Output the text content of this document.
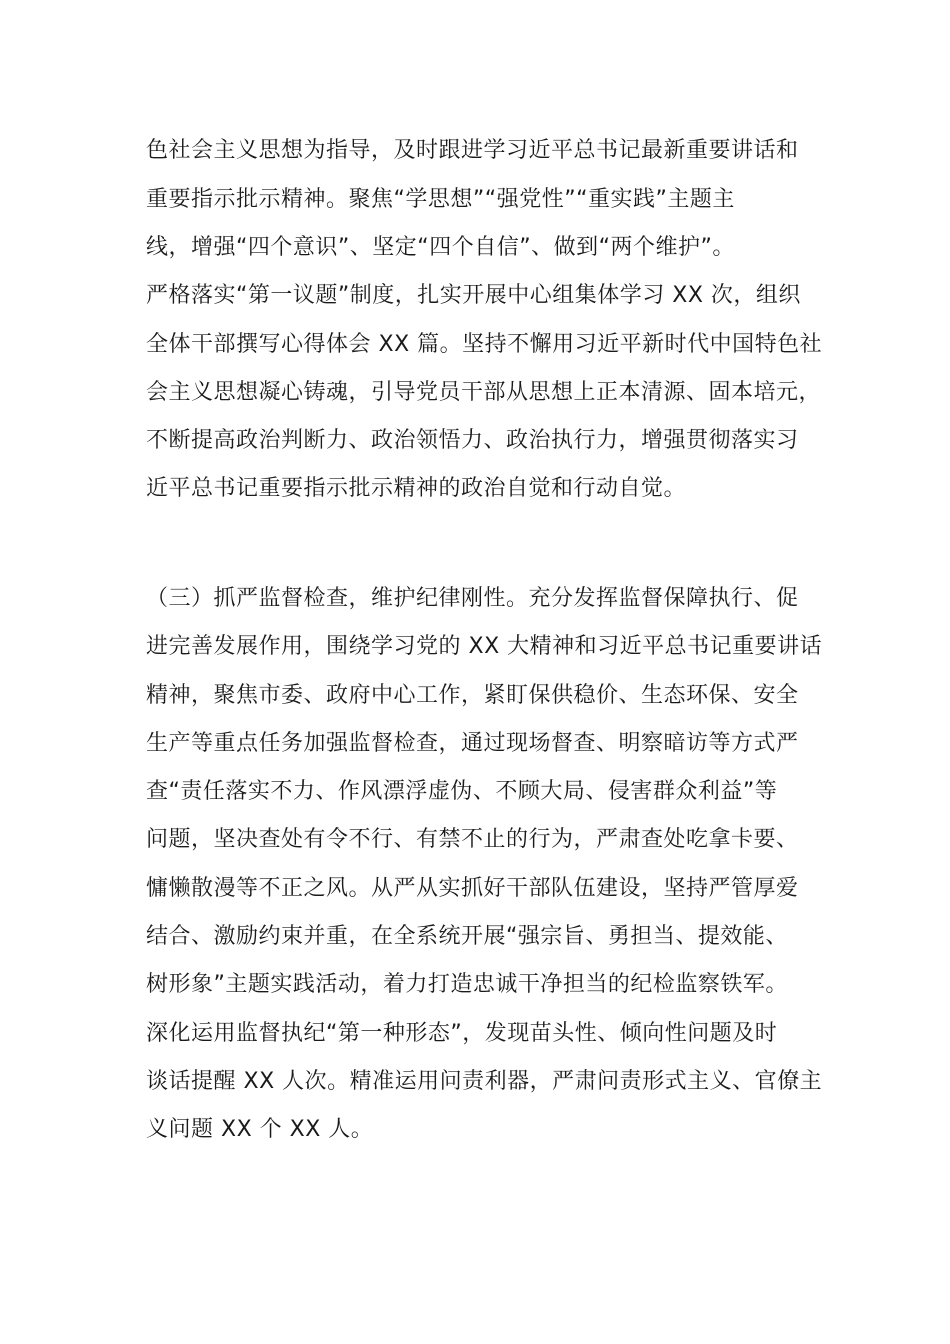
色社会主义思想为指导，及时跟进学习近平总书记最新重要讲话和
重要指示批示精神。聚焦“学思想”“强党性”“重实践”主题主
线，增强“四个意识”、坚定“四个自信”、做到“两个维护”。
严格落实“第一议题”制度，扎实开展中心组集体学习 XX 次，组织
全体干部撰写心得体会 XX 篇。坚持不懈用习近平新时代中国特色社
会主义思想凝心铸魂，引导党员干部从思想上正本清源、固本培元，
不断提高政治判断力、政治领悟力、政治执行力，增强贯彻落实习
近平总书记重要指示批示精神的政治自觉和行动自觉。
（三）抓严监督检查，维护纪律刚性。充分发挥监督保障执行、促
进完善发展作用，围绕学习党的 XX 大精神和习近平总书记重要讲话
精神，聚焦市委、政府中心工作，紧盯保供稳价、生态环保、安全
生产等重点任务加强监督检查，通过现场督查、明察暗访等方式严
查“责任落实不力、作风漂浮虚伪、不顾大局、侵害群众利益”等
问题，坚决查处有令不行、有禁不止的行为，严肃查处吃拿卡要、
慵懒散漫等不正之风。从严从实抓好干部队伍建设，坚持严管厚爱
结合、激励约束并重，在全系统开展“强宗旨、勇担当、提效能、
树形象”主题实践活动，着力打造忠诚干净担当的纪检监察铁军。
深化运用监督执纪“第一种形态”，发现苗头性、倾向性问题及时
谈话提醒 XX 人次。精准运用问责利器，严肃问责形式主义、官僚主
义问题 XX 个 XX 人。
